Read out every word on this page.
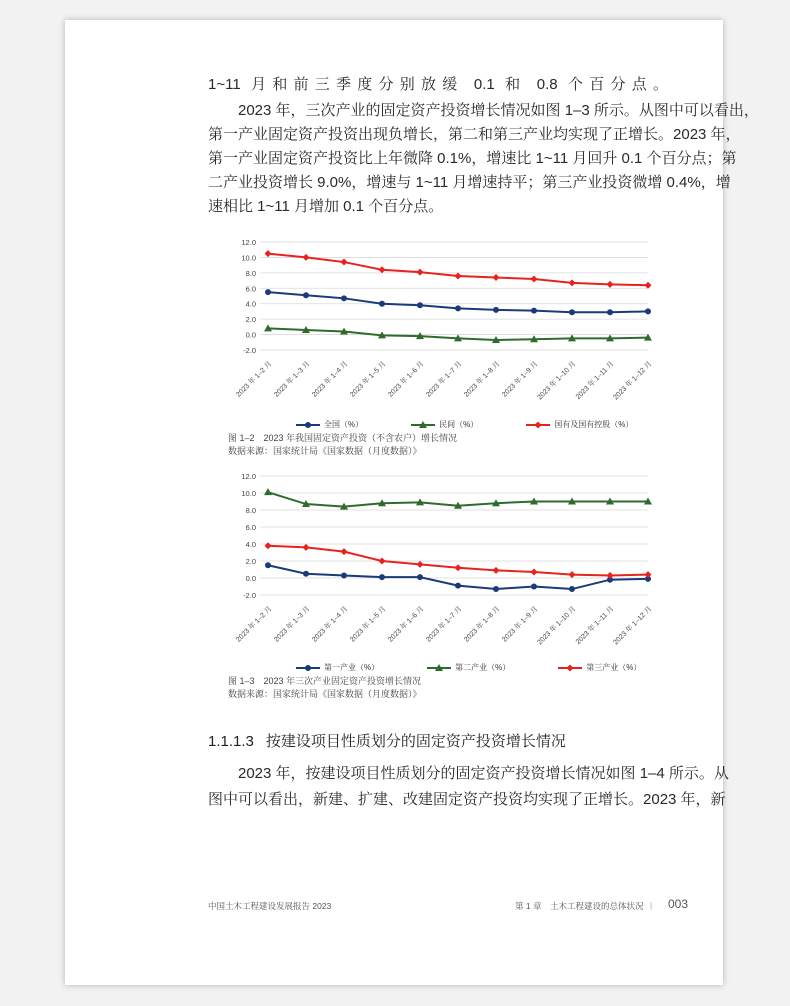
1~11 月和前三季度分别放缓 0.1 和 0.8 个百分点。
2023 年，三次产业的固定资产投资增长情况如图 1–3 所示。从图中可以看出，
第一产业固定资产投资出现负增长，第二和第三产业均实现了正增长。2023 年，
第一产业固定资产投资比上年微降 0.1%，增速比 1~11 月回升 0.1 个百分点；第
二产业投资增长 9.0%，增速与 1~11 月增速持平；第三产业投资微增 0.4%，增
速相比 1~11 月增加 0.1 个百分点。
12.0
10.0
8.0
6.0
4.0
2.0
0.0
-2.0
2023 年 1–2 月 2023 年 1–3 月 2023 年 1–4 月 2023 年 1–5 月 2023 年 1–6 月 2023 年 1–7 月 2023 年 1–8 月 2023 年 1–9 月
2023 年 1–10 月
2023 年 1–11 月
2023 年 1–12 月
全国（%）	民间（%）	国有及国有控股（%）
图 1–2　2023 年我国固定资产投资（不含农户）增长情况
数据来源：国家统计局《国家数据（月度数据）》
12.0
10.0
8.0
6.0
4.0
2.0
0.0
-2.0
2023 年 1–2 月 2023 年 1–3 月 2023 年 1–4 月 2023 年 1–5 月 2023 年 1–6 月 2023 年 1–7 月 2023 年 1–8 月 2023 年 1–9 月
2023 年 1–10 月
2023 年 1–11 月
2023 年 1–12 月
第一产业（%）	第二产业（%）	第三产业（%）
图 1–3　2023 年三次产业固定资产投资增长情况
数据来源：国家统计局《国家数据（月度数据）》
1.1.1.3 按建设项目性质划分的固定资产投资增长情况
2023 年，按建设项目性质划分的固定资产投资增长情况如图 1–4 所示。从
图中可以看出，新建、扩建、改建固定资产投资均实现了正增长。2023 年，新
中国土木工程建设发展报告 2023	第 1 章　土木工程建设的总体状况 | 003
